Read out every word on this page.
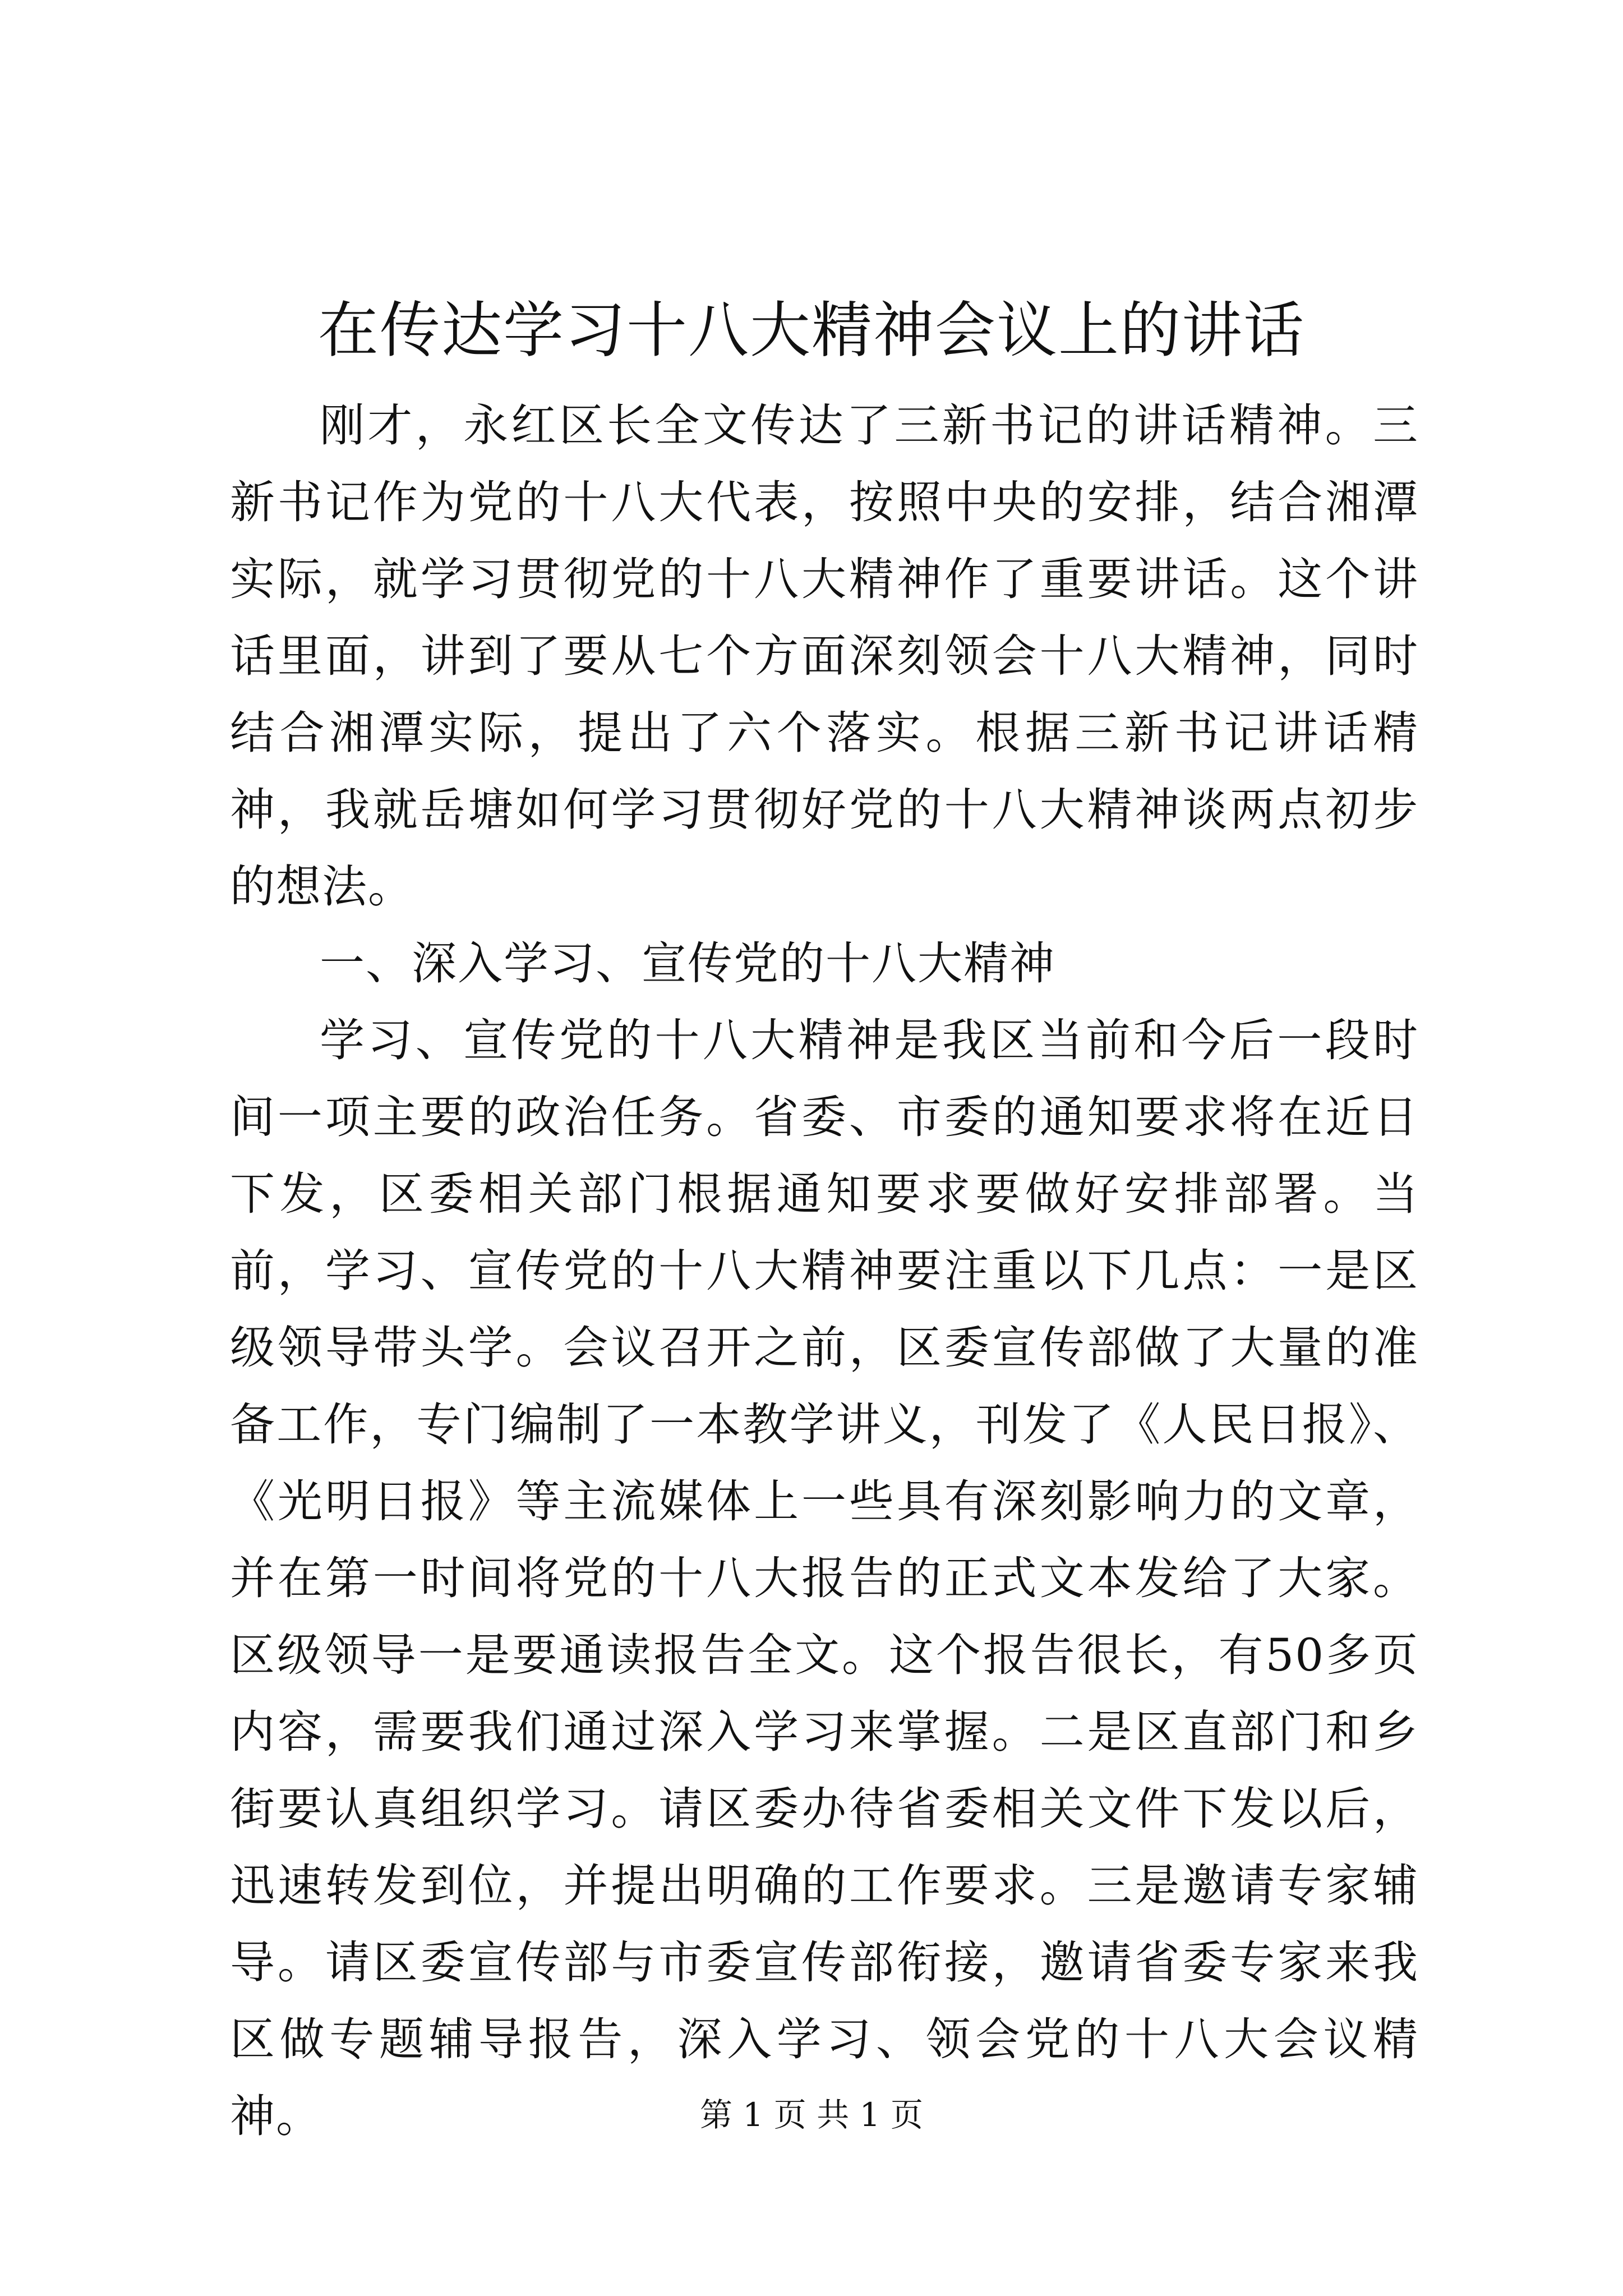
在传达学习十八大精神会议上的讲话

刚才，永红区长全文传达了三新书记的讲话精神。三新书记作为党的十八大代表，按照中央的安排，结合湘潭实际，就学习贯彻党的十八大精神作了重要讲话。这个讲话里面，讲到了要从七个方面深刻领会十八大精神，同时结合湘潭实际，提出了六个落实。根据三新书记讲话精神，我就岳塘如何学习贯彻好党的十八大精神谈两点初步的想法。

一、深入学习、宣传党的十八大精神

学习、宣传党的十八大精神是我区当前和今后一段时间一项主要的政治任务。省委、市委的通知要求将在近日下发，区委相关部门根据通知要求要做好安排部署。当前，学习、宣传党的十八大精神要注重以下几点：一是区级领导带头学。会议召开之前，区委宣传部做了大量的准备工作，专门编制了一本教学讲义，刊发了《人民日报》、《光明日报》等主流媒体上一些具有深刻影响力的文章，并在第一时间将党的十八大报告的正式文本发给了大家。区级领导一是要通读报告全文。这个报告很长，有50多页内容，需要我们通过深入学习来掌握。二是区直部门和乡街要认真组织学习。请区委办待省委相关文件下发以后，迅速转发到位，并提出明确的工作要求。三是邀请专家辅导。请区委宣传部与市委宣传部衔接，邀请省委专家来我区做专题辅导报告，深入学习、领会党的十八大会议精神。	第 1 页 共 1 页
